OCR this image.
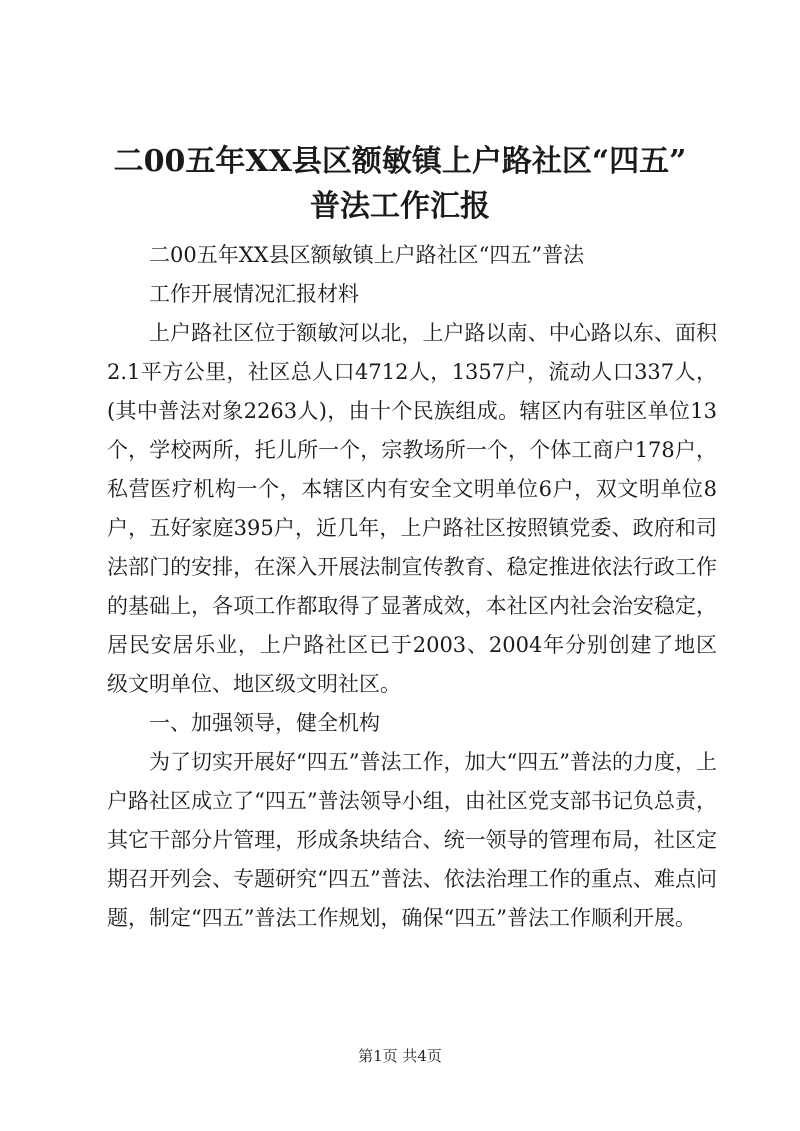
二00五年XX县区额敏镇上户路社区“四五”
普法工作汇报

二00五年XX县区额敏镇上户路社区“四五”普法

工作开展情况汇报材料

上户路社区位于额敏河以北，上户路以南、中心路以东、面积2.1平方公里，社区总人口4712人，1357户，流动人口337人，(其中普法对象2263人)，由十个民族组成。辖区内有驻区单位13个，学校两所，托儿所一个，宗教场所一个，个体工商户178户，私营医疗机构一个，本辖区内有安全文明单位6户，双文明单位8户，五好家庭395户，近几年，上户路社区按照镇党委、政府和司法部门的安排，在深入开展法制宣传教育、稳定推进依法行政工作的基础上，各项工作都取得了显著成效，本社区内社会治安稳定，居民安居乐业，上户路社区已于2003、2004年分别创建了地区级文明单位、地区级文明社区。

一、加强领导，健全机构

为了切实开展好“四五”普法工作，加大“四五”普法的力度，上户路社区成立了“四五”普法领导小组，由社区党支部书记负总责，其它干部分片管理，形成条块结合、统一领导的管理布局，社区定期召开列会、专题研究“四五”普法、依法治理工作的重点、难点问题，制定“四五”普法工作规划，确保“四五”普法工作顺利开展。

第1页 共4页
